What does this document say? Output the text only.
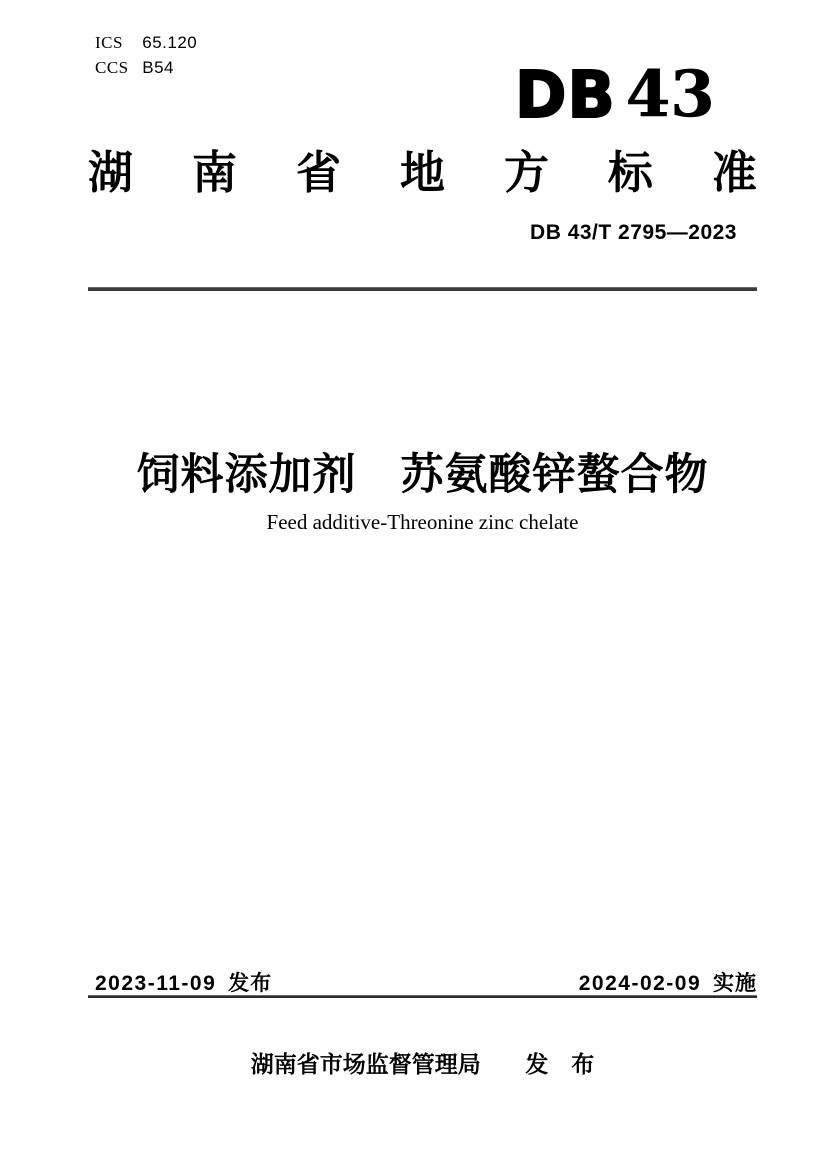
ICS 65.120
CCS B54	DB 43
湖 南 省 地 方 标 准
DB 43/T 2795—2023
饲料添加剂　苏氨酸锌螯合物
Feed additive-Threonine zinc chelate
2023-11-09 发布	2024-02-09 实施
湖南省市场监督管理局 发　布
